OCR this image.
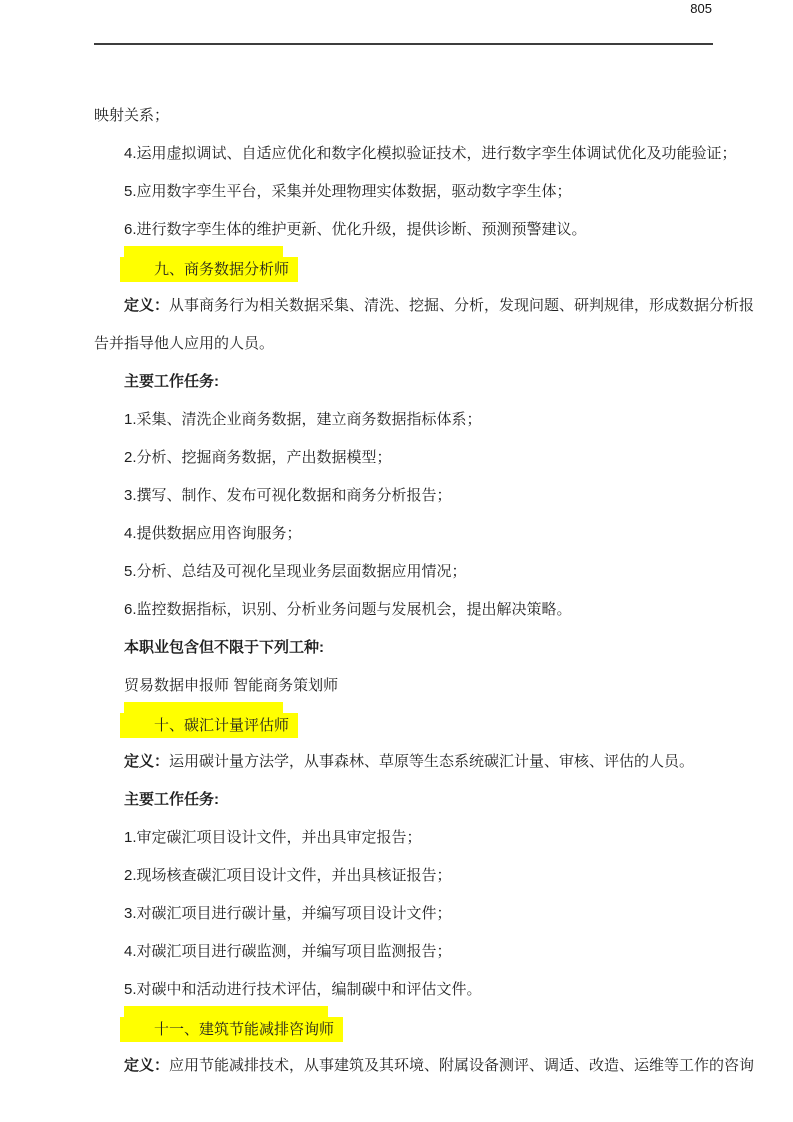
805
映射关系；
4.运用虚拟调试、自适应优化和数字化模拟验证技术，进行数字孪生体调试优化及功能验证；
5.应用数字孪生平台，采集并处理物理实体数据，驱动数字孪生体；
6.进行数字孪生体的维护更新、优化升级，提供诊断、预测预警建议。
九、商务数据分析师
定义：从事商务行为相关数据采集、清洗、挖掘、分析，发现问题、研判规律，形成数据分析报
告并指导他人应用的人员。
主要工作任务:
1.采集、清洗企业商务数据，建立商务数据指标体系；
2.分析、挖掘商务数据，产出数据模型；
3.撰写、制作、发布可视化数据和商务分析报告；
4.提供数据应用咨询服务；
5.分析、总结及可视化呈现业务层面数据应用情况；
6.监控数据指标，识别、分析业务问题与发展机会，提出解决策略。
本职业包含但不限于下列工种:
贸易数据申报师 智能商务策划师
十、碳汇计量评估师
定义：运用碳计量方法学，从事森林、草原等生态系统碳汇计量、审核、评估的人员。
主要工作任务:
1.审定碳汇项目设计文件，并出具审定报告；
2.现场核查碳汇项目设计文件，并出具核证报告；
3.对碳汇项目进行碳计量，并编写项目设计文件；
4.对碳汇项目进行碳监测，并编写项目监测报告；
5.对碳中和活动进行技术评估，编制碳中和评估文件。
十一、建筑节能减排咨询师
定义：应用节能减排技术，从事建筑及其环境、附属设备测评、调适、改造、运维等工作的咨询
